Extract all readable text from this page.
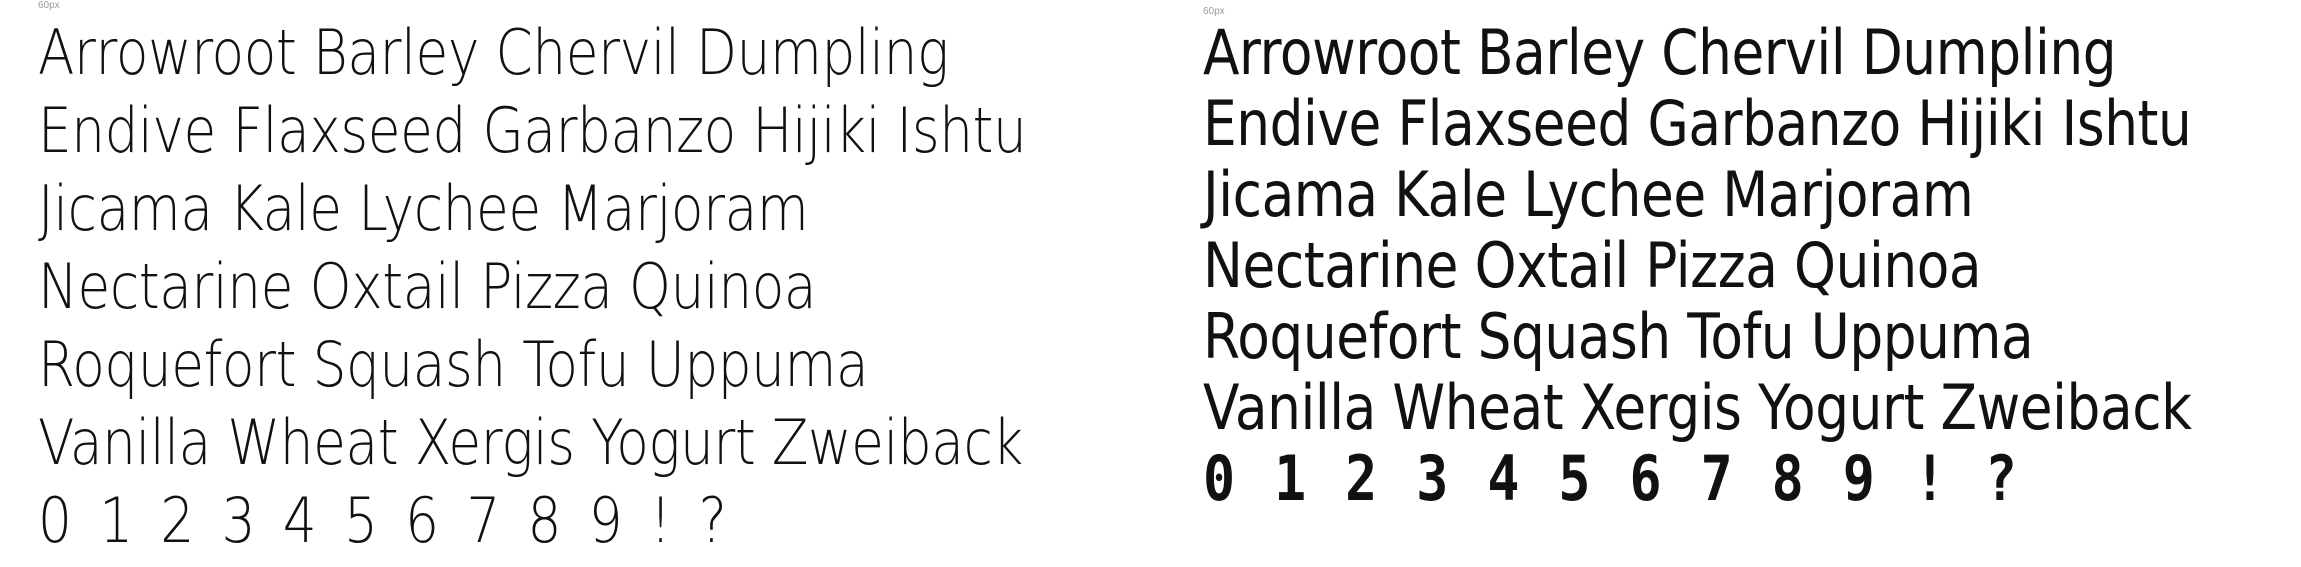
60px
Arrowroot Barley Chervil Dumpling
Endive Flaxseed Garbanzo Hijiki Ishtu
Jicama Kale Lychee Marjoram
Nectarine Oxtail Pizza Quinoa
Roquefort Squash Tofu Uppuma
Vanilla Wheat Xergis Yogurt Zweiback
0 1 2 3 4 5 6 7 8 9 ! ?
60px
Arrowroot Barley Chervil Dumpling
Endive Flaxseed Garbanzo Hijiki Ishtu
Jicama Kale Lychee Marjoram
Nectarine Oxtail Pizza Quinoa
Roquefort Squash Tofu Uppuma
Vanilla Wheat Xergis Yogurt Zweiback
0 1 2 3 4 5 6 7 8 9 ! ?
